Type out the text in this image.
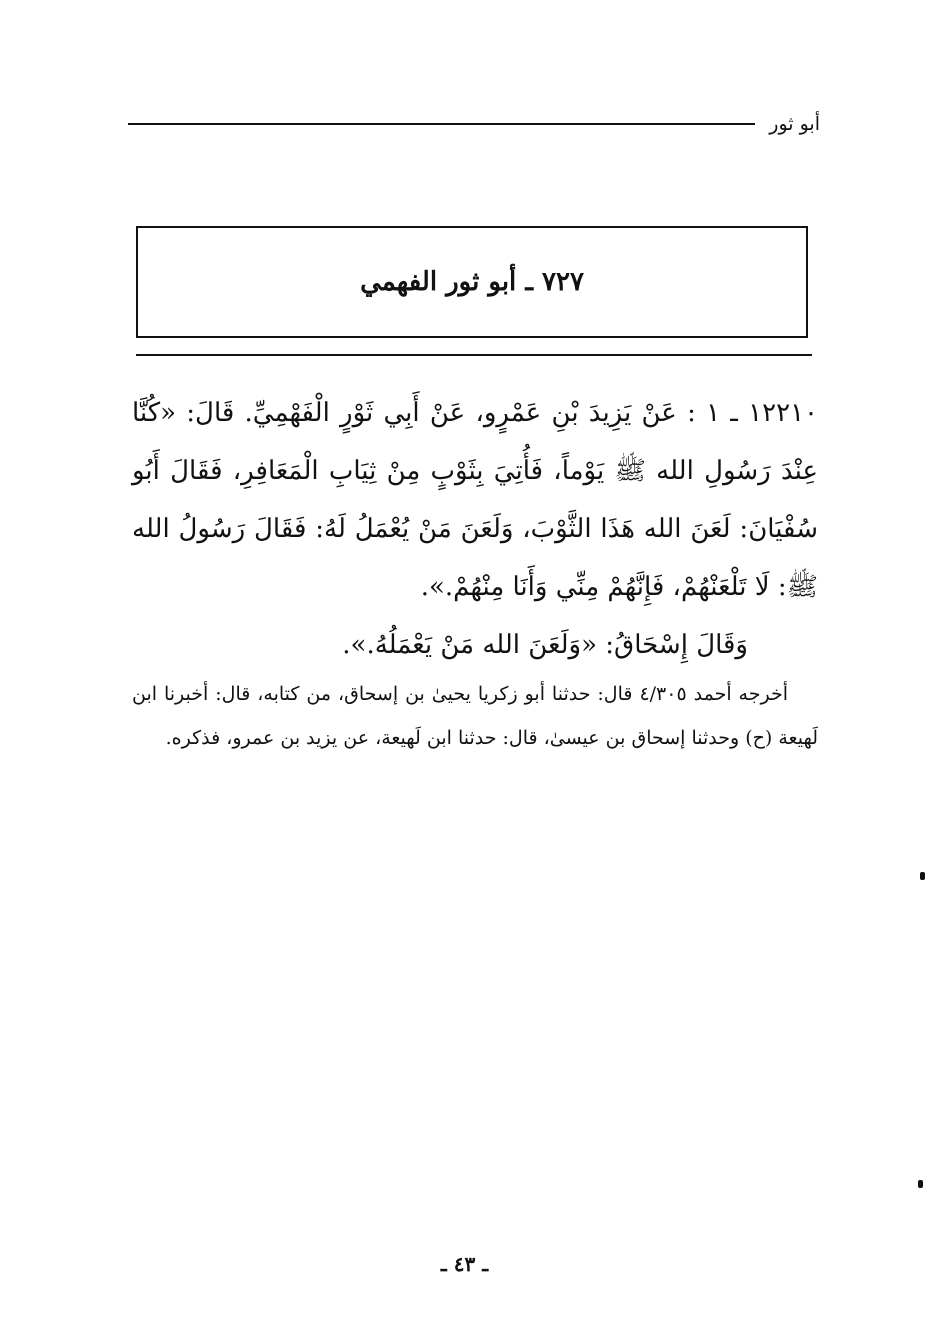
أبو ثور
٧٢٧ ـ أبو ثور الفهمي

١٢٢١٠ ـ ١ : عَنْ يَزِيدَ بْنِ عَمْرٍو، عَنْ أَبِي ثَوْرٍ الْفَهْمِيِّ. قَالَ: «كُنَّا عِنْدَ رَسُولِ الله ﷺ يَوْماً، فَأُتِيَ بِثَوْبٍ مِنْ ثِيَابِ الْمَعَافِرِ، فَقَالَ أَبُو سُفْيَانَ: لَعَنَ الله هَذَا الثَّوْبَ، وَلَعَنَ مَنْ يُعْمَلُ لَهُ: فَقَالَ رَسُولُ الله ﷺ: لَا تَلْعَنْهُمْ، فَإِنَّهُمْ مِنِّي وَأَنَا مِنْهُمْ.».

وَقَالَ إِسْحَاقُ: «وَلَعَنَ الله مَنْ يَعْمَلُهُ.».

أخرجه أحمد ٤/٣٠٥ قال: حدثنا أبو زكريا يحيىٰ بن إسحاق، من كتابه، قال: أخبرنا ابن لَهيعة (ح) وحدثنا إسحاق بن عيسىٰ، قال: حدثنا ابن لَهيعة، عن يزيد بن عمرو، فذكره.

ـ ٤٣ ـ
